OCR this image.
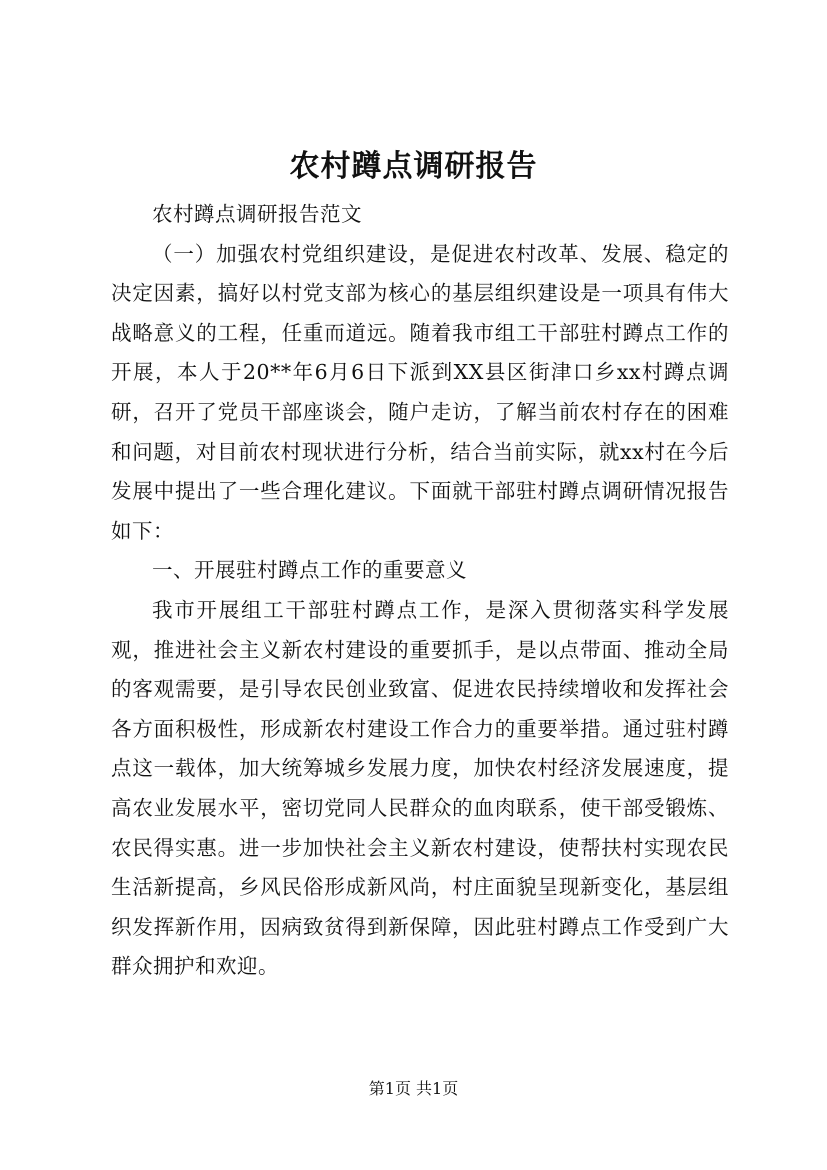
农村蹲点调研报告

农村蹲点调研报告范文

（一）加强农村党组织建设，是促进农村改革、发展、稳定的决定因素，搞好以村党支部为核心的基层组织建设是一项具有伟大战略意义的工程，任重而道远。随着我市组工干部驻村蹲点工作的开展，本人于20**年6月6日下派到XX县区街津口乡xx村蹲点调研，召开了党员干部座谈会，随户走访，了解当前农村存在的困难和问题，对目前农村现状进行分析，结合当前实际，就xx村在今后发展中提出了一些合理化建议。下面就干部驻村蹲点调研情况报告如下：

一、开展驻村蹲点工作的重要意义

我市开展组工干部驻村蹲点工作，是深入贯彻落实科学发展观，推进社会主义新农村建设的重要抓手，是以点带面、推动全局的客观需要，是引导农民创业致富、促进农民持续增收和发挥社会各方面积极性，形成新农村建设工作合力的重要举措。通过驻村蹲点这一载体，加大统筹城乡发展力度，加快农村经济发展速度，提高农业发展水平，密切党同人民群众的血肉联系，使干部受锻炼、农民得实惠。进一步加快社会主义新农村建设，使帮扶村实现农民生活新提高，乡风民俗形成新风尚，村庄面貌呈现新变化，基层组织发挥新作用，因病致贫得到新保障，因此驻村蹲点工作受到广大群众拥护和欢迎。

第1页 共1页
